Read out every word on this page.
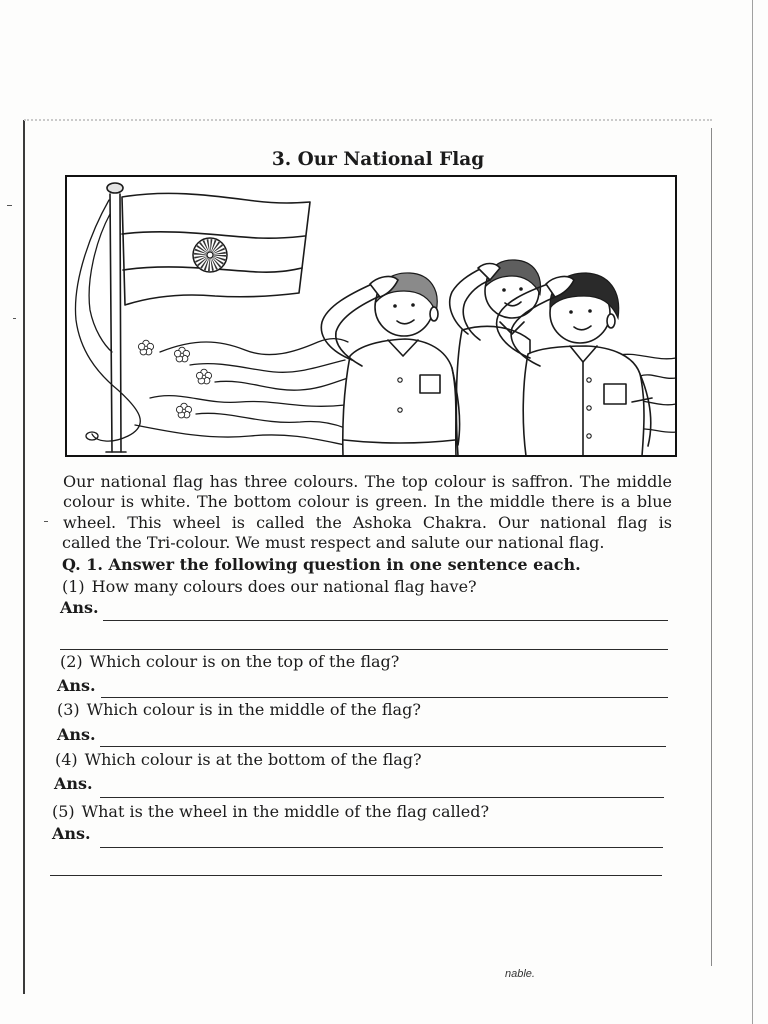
3. Our National Flag
Our national flag has three colours. The top colour is saffron. The middle
colour is white. The bottom colour is green. In the middle there is a blue
wheel. This wheel is called the Ashoka Chakra. Our national flag is
called the Tri-colour. We must respect and salute our national flag.
Q. 1. Answer the following question in one sentence each.
(1) How many colours does our national flag have?
Ans.
(2) Which colour is on the top of the flag?
Ans.
(3) Which colour is in the middle of the flag?
Ans.
(4) Which colour is at the bottom of the flag?
Ans.
(5) What is the wheel in the middle of the flag called?
Ans.
nable.
